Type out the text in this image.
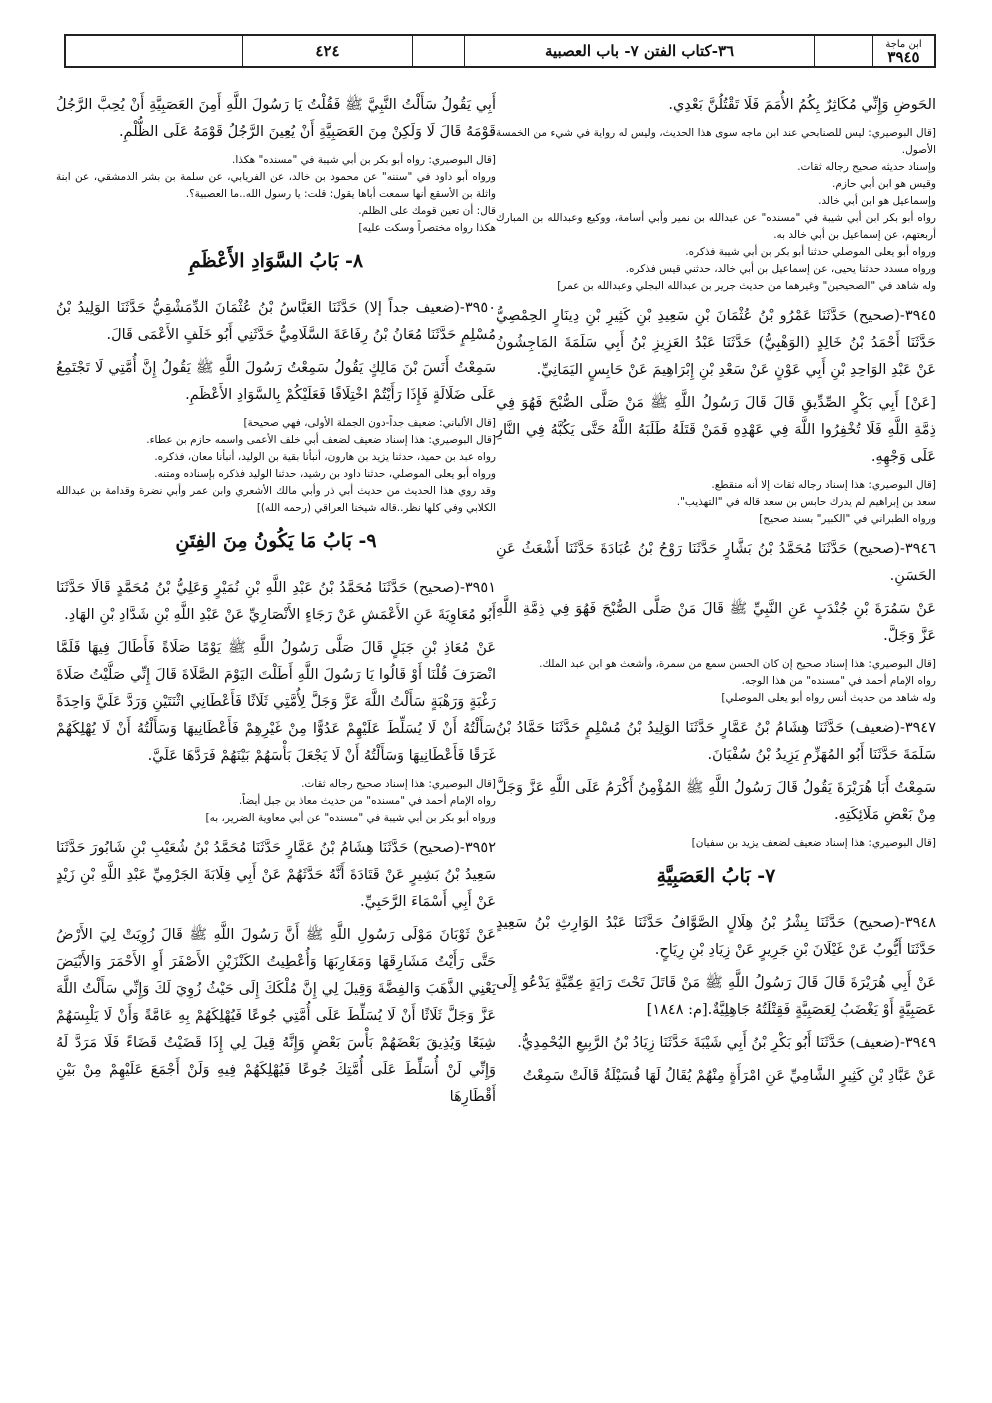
ابن ماجة
٣٩٤٥
٣٦-كتاب الفتن ٧- باب العصبية
٤٢٤

الحَوضِ وَإِنِّي مُكَاثِرٌ بِكُمُ الأُمَمَ فَلَا تَقْتُلُنَّ بَعْدِي.

[قال البوصيري: ليس للصنابحي عند ابن ماجه سوى هذا الحديث، وليس له رواية في شيء من الخمسة الأصول.

وإسناد حديثه صحيح رجاله ثقات.

وقيس هو ابن أبي حازم.

وإسماعيل هو ابن أبي خالد.

رواه أبو بكر ابن أبي شيبة في "مسنده" عن عبدالله بن نمير وأبي أسامة، ووكيع وعبدالله بن المبارك أربعتهم، عن إسماعيل بن أبي خالد به.

ورواه أبو يعلى الموصلي حدثنا أبو بكر بن أبي شيبة فذكره.

ورواه مسدد حدثنا يحيى، عن إسماعيل بن أبي خالد، حدثني قيس فذكره.

وله شاهد في "الصحيحين" وغيرهما من حديث جرير بن عبدالله البجلي وعبدالله بن عمر]

٣٩٤٥-(صحيح) حَدَّثَنَا عَمْرُو بْنُ عُثْمَانَ بْنِ سَعِيدِ بْنِ كَثِيرِ بْنِ دِينَارٍ الحِمْصِيُّ حَدَّثَنَا أَحْمَدُ بْنُ خَالِدٍ (الوَهْبِيُّ) حَدَّثَنَا عَبْدُ العَزِيزِ بْنُ أَبِي سَلَمَةَ المَاجِشُونُ عَنْ عَبْدِ الوَاحِدِ بْنِ أَبِي عَوْنٍ عَنْ سَعْدِ بْنِ إِبْرَاهِيمَ عَنْ حَابِسٍ اليَمَانِيِّ.

[عَنْ] أَبِي بَكْرٍ الصِّدِّيقِ قَالَ قَالَ رَسُولُ اللَّهِ ﷺ مَنْ صَلَّى الصُّبْحَ فَهُوَ فِي ذِمَّةِ اللَّهِ فَلَا تُخْفِرُوا اللَّهَ فِي عَهْدِهِ فَمَنْ قَتَلَهُ طَلَبَهُ اللَّهُ حَتَّى يَكُبَّهُ فِي النَّارِ عَلَى وَجْهِهِ.

[قال البوصيري: هذا إسناد رجاله ثقات إلا أنه منقطع.

سعد بن إبراهيم لم يدرك حابس بن سعد قاله في "التهذيب".

ورواه الطبراني في "الكبير" بسند صحيح]

٣٩٤٦-(صحيح) حَدَّثَنَا مُحَمَّدُ بْنُ بَشَّارٍ حَدَّثَنَا رَوْحُ بْنُ عُبَادَةَ حَدَّثَنَا أَشْعَثُ عَنِ الحَسَنِ.

عَنْ سَمُرَةَ بْنِ جُنْدَبٍ عَنِ النَّبِيِّ ﷺ قَالَ مَنْ صَلَّى الصُّبْحَ فَهُوَ فِي ذِمَّةِ اللَّهِ عَزَّ وَجَلَّ.

[قال البوصيري: هذا إسناد صحيح إن كان الحسن سمع من سمرة، وأشعث هو ابن عبد الملك.

رواه الإمام أحمد في "مسنده" من هذا الوجه.

وله شاهد من حديث أنس رواه أبو يعلى الموصلي]

٣٩٤٧-(ضعيف) حَدَّثَنَا هِشَامُ بْنُ عَمَّارٍ حَدَّثَنَا الوَلِيدُ بْنُ مُسْلِمٍ حَدَّثَنَا حَمَّادُ بْنُ سَلَمَةَ حَدَّثَنَا أَبُو المُهَزِّمِ يَزِيدُ بْنُ سُفْيَانَ.

سَمِعْتُ أَبَا هُرَيْرَةَ يَقُولُ قَالَ رَسُولُ اللَّهِ ﷺ المُؤْمِنُ أَكْرَمُ عَلَى اللَّهِ عَزَّ وَجَلَّ مِنْ بَعْضِ مَلَائِكَتِهِ.

[قال البوصيري: هذا إسناد ضعيف لضعف يزيد بن سفيان]

٧- بَابُ العَصَبِيَّةِ

٣٩٤٨-(صحيح) حَدَّثَنَا بِشْرُ بْنُ هِلَالٍ الصَّوَّافُ حَدَّثَنَا عَبْدُ الوَارِثِ بْنُ سَعِيدٍ حَدَّثَنَا أَيُّوبُ عَنْ غَيْلَانَ بْنِ جَرِيرٍ عَنْ زِيَادِ بْنِ رِيَاحٍ.

عَنْ أَبِي هُرَيْرَةَ قَالَ قَالَ رَسُولُ اللَّهِ ﷺ مَنْ قَاتَلَ تَحْتَ رَايَةٍ عِمِّيَّةٍ يَدْعُو إِلَى عَصَبِيَّةٍ أَوْ يَغْضَبُ لِعَصَبِيَّةٍ فَقِتْلَتُهُ جَاهِلِيَّةٌ.[م: ١٨٤٨]

٣٩٤٩-(ضعيف) حَدَّثَنَا أَبُو بَكْرِ بْنُ أَبِي شَيْبَةَ حَدَّثَنَا زِيَادُ بْنُ الرَّبِيعِ اليُحْمِدِيُّ.

عَنْ عَبَّادِ بْنِ كَثِيرٍ الشَّامِيِّ عَنِ امْرَأَةٍ مِنْهُمْ يُقَالُ لَهَا فُسَيْلَةُ قَالَتْ سَمِعْتُ

أَبِي يَقُولُ سَأَلْتُ النَّبِيَّ ﷺ فَقُلْتُ يَا رَسُولَ اللَّهِ أَمِنَ العَصَبِيَّةِ أَنْ يُحِبَّ الرَّجُلُ قَوْمَهُ قَالَ لَا وَلَكِنْ مِنَ العَصَبِيَّةِ أَنْ يُعِينَ الرَّجُلُ قَوْمَهُ عَلَى الظُّلْمِ.

[قال البوصيري: رواه أبو بكر بن أبي شيبة في "مسنده" هكذا.

ورواه أبو داود في "سننه" عن محمود بن خالد، عن الفريابي، عن سلمة بن بشر الدمشقي، عن ابنة واثلة بن الأسقع أنها سمعت أباها يقول: قلت: يا رسول الله..ما العصبية؟.

قال: أن تعين قومك على الظلم.

هكذا رواه مختصراً وسكت عليه]

٨- بَابُ السَّوَادِ الأَعْظَمِ

٣٩٥٠-(ضعيف جداً إلا) حَدَّثَنَا العَبَّاسُ بْنُ عُثْمَانَ الدِّمَشْقِيُّ حَدَّثَنَا الوَلِيدُ بْنُ مُسْلِمٍ حَدَّثَنَا مُعَانُ بْنُ رِفَاعَةَ السَّلَامِيُّ حَدَّثَنِي أَبُو خَلَفٍ الأَعْمَى قَالَ.

سَمِعْتُ أَنَسَ بْنَ مَالِكٍ يَقُولُ سَمِعْتُ رَسُولَ اللَّهِ ﷺ يَقُولُ إِنَّ أُمَّتِي لَا تَجْتَمِعُ عَلَى ضَلَالَةٍ فَإِذَا رَأَيْتُمْ اخْتِلَافًا فَعَلَيْكُمْ بِالسَّوَادِ الأَعْظَمِ.

[قال الألباني: ضعيف جداً-دون الجملة الأولى، فهي صحيحة]

[قال البوصيري: هذا إسناد ضعيف لضعف أبي خلف الأعمى واسمه حازم بن عطاء.

رواه عبد بن حميد، حدثنا يزيد بن هارون، أنبأنا بقية بن الوليد، أنبأنا معان، فذكره.

ورواه أبو يعلى الموصلي، حدثنا داود بن رشيد، حدثنا الوليد فذكره بإسناده ومتنه.

وقد روي هذا الحديث من حديث أبي ذر وأبي مالك الأشعري وابن عمر وأبي نضرة وقدامة بن عبدالله الكلابي وفي كلها نظر..قاله شيخنا العراقي (رحمه الله)]

٩- بَابُ مَا يَكُونُ مِنَ الفِتَنِ

٣٩٥١-(صحيح) حَدَّثَنَا مُحَمَّدُ بْنُ عَبْدِ اللَّهِ بْنِ نُمَيْرٍ وَعَلِيُّ بْنُ مُحَمَّدٍ قَالَا حَدَّثَنَا أَبُو مُعَاوِيَةَ عَنِ الأَعْمَشِ عَنْ رَجَاءٍ الأَنْصَارِيِّ عَنْ عَبْدِ اللَّهِ بْنِ شَدَّادِ بْنِ الهَادِ.

عَنْ مُعَاذِ بْنِ جَبَلٍ قَالَ صَلَّى رَسُولُ اللَّهِ ﷺ يَوْمًا صَلَاةً فَأَطَالَ فِيهَا فَلَمَّا انْصَرَفَ قُلْنَا أَوْ قَالُوا يَا رَسُولَ اللَّهِ أَطَلْتَ اليَوْمَ الصَّلَاةَ قَالَ إِنِّي صَلَّيْتُ صَلَاةَ رَغْبَةٍ وَرَهْبَةٍ سَأَلْتُ اللَّهَ عَزَّ وَجَلَّ لِأُمَّتِي ثَلَاثًا فَأَعْطَانِي اثْنَتَيْنِ وَرَدَّ عَلَيَّ وَاحِدَةً سَأَلْتُهُ أَنْ لَا يُسَلِّطَ عَلَيْهِمْ عَدُوًّا مِنْ غَيْرِهِمْ فَأَعْطَانِيهَا وَسَأَلْتُهُ أَنْ لَا يُهْلِكَهُمْ غَرَقًا فَأَعْطَانِيهَا وَسَأَلْتُهُ أَنْ لَا يَجْعَلَ بَأْسَهُمْ بَيْنَهُمْ فَرَدَّهَا عَلَيَّ.

[قال البوصيري: هذا إسناد صحيح رجاله ثقات.

رواه الإمام أحمد في "مسنده" من حديث معاذ بن جبل أيضاً.

ورواه أبو بكر بن أبي شيبة في "مسنده" عن أبي معاوية الضرير، به]

٣٩٥٢-(صحيح) حَدَّثَنَا هِشَامُ بْنُ عَمَّارٍ حَدَّثَنَا مُحَمَّدُ بْنُ شُعَيْبِ بْنِ شَابُورَ حَدَّثَنَا سَعِيدُ بْنُ بَشِيرٍ عَنْ قَتَادَةَ أَنَّهُ حَدَّثَهُمْ عَنْ أَبِي قِلَابَةَ الجَرْمِيِّ عَبْدِ اللَّهِ بْنِ زَيْدٍ عَنْ أَبِي أَسْمَاءَ الرَّحَبِيِّ.

عَنْ ثَوْبَانَ مَوْلَى رَسُولِ اللَّهِ ﷺ أَنَّ رَسُولَ اللَّهِ ﷺ قَالَ زُوِيَتْ لِيَ الأَرْضُ حَتَّى رَأَيْتُ مَشَارِقَهَا وَمَغَارِبَهَا وَأُعْطِيتُ الكَنْزَيْنِ الأَصْفَرَ أَوِ الأَحْمَرَ وَالأَبْيَضَ يَعْنِي الذَّهَبَ وَالفِضَّةَ وَقِيلَ لِي إِنَّ مُلْكَكَ إِلَى حَيْثُ زُوِيَ لَكَ وَإِنِّي سَأَلْتُ اللَّهَ عَزَّ وَجَلَّ ثَلَاثًا أَنْ لَا يُسَلِّطَ عَلَى أُمَّتِي جُوعًا فَيُهْلِكَهُمْ بِهِ عَامَّةً وَأَنْ لَا يَلْبِسَهُمْ شِيَعًا وَيُذِيقَ بَعْضَهُمْ بَأْسَ بَعْضٍ وَإِنَّهُ قِيلَ لِي إِذَا قَضَيْتُ قَضَاءً فَلَا مَرَدَّ لَهُ وَإِنِّي لَنْ أُسَلِّطَ عَلَى أُمَّتِكَ جُوعًا فَيُهْلِكَهُمْ فِيهِ وَلَنْ أَجْمَعَ عَلَيْهِمْ مِنْ بَيْنِ أَقْطَارِهَا
